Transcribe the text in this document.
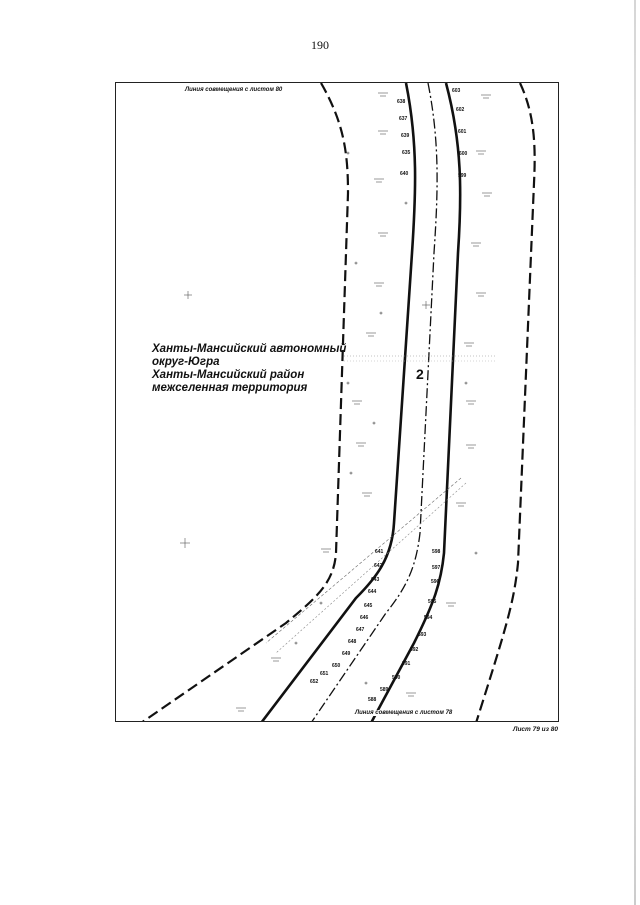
190
638
637
639
635
640
641
642
643
644
645
646
647
648
649
650
651
652
603
602
601
600
599
598
597
596
595
594
593
592
591
590
589
588
Линия совмещения с листом 80
Ханты-Мансийский автономный
округ-Югра
Ханты-Мансийский район
межселенная территория
2
Линия совмещения с листом 78
Лист 79 из 80
